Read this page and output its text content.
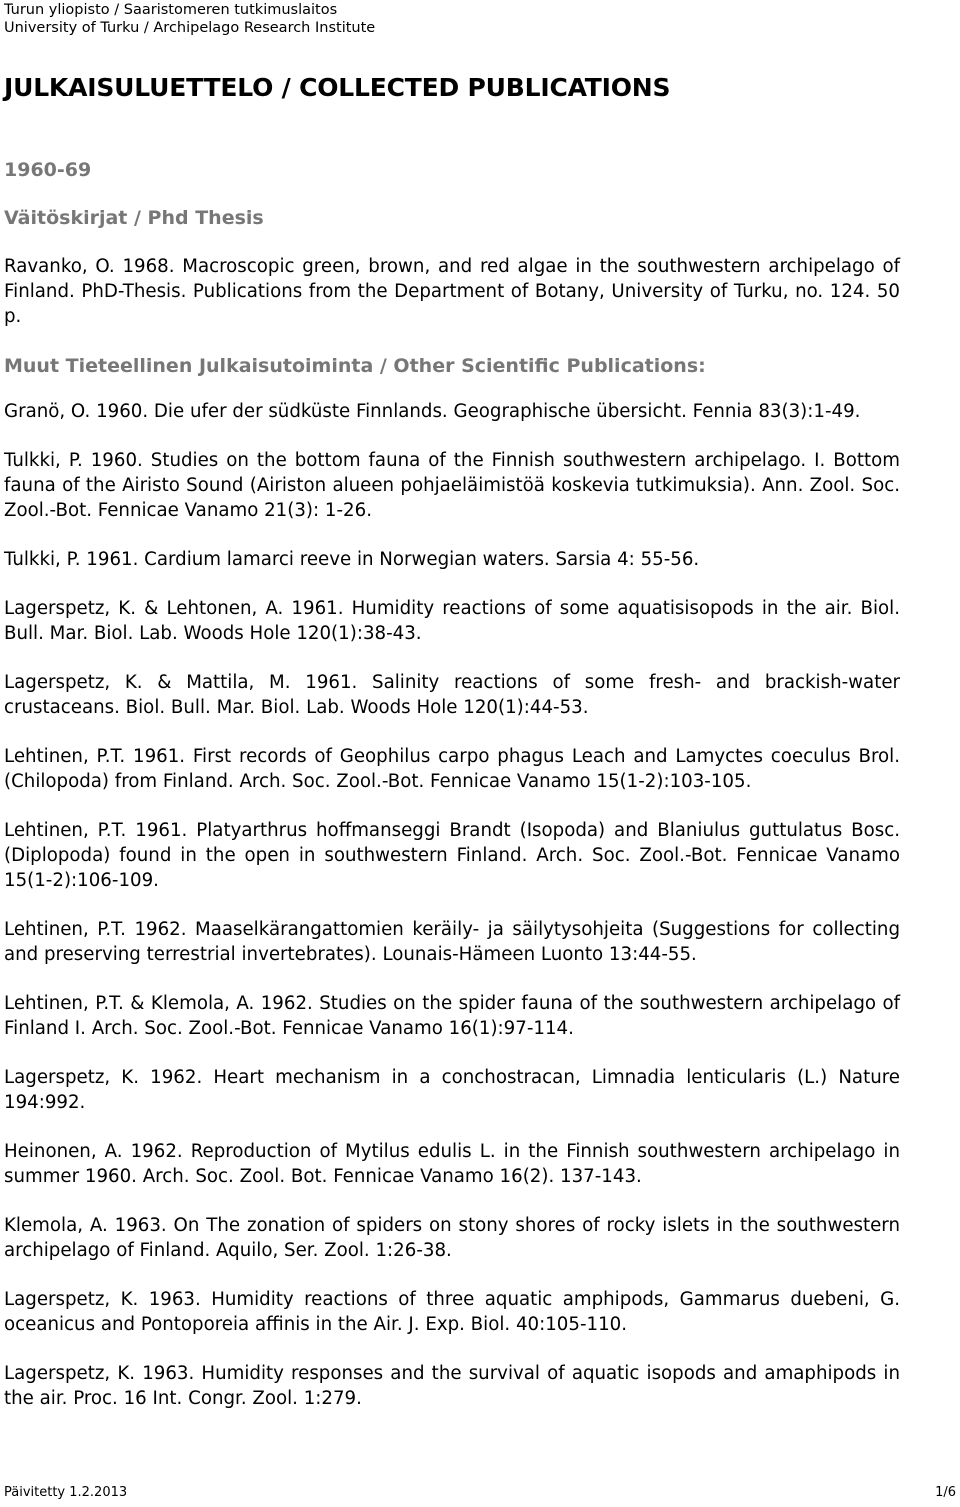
Turun yliopisto / Saaristomeren tutkimuslaitos
University of Turku / Archipelago Research Institute
JULKAISULUETTELO / COLLECTED PUBLICATIONS
1960-69
Väitöskirjat / Phd Thesis

Ravanko, O. 1968. Macroscopic green, brown, and red algae in the southwestern archipelago of Finland. PhD-Thesis. Publications from the Department of Botany, University of Turku, no. 124. 50 p.

Muut Tieteellinen Julkaisutoiminta / Other Scientific Publications:

Granö, O. 1960. Die ufer der südküste Finnlands. Geographische übersicht. Fennia 83(3):1-49.

Tulkki, P. 1960. Studies on the bottom fauna of the Finnish southwestern archipelago. I. Bottom fauna of the Airisto Sound (Airiston alueen pohjaeläimistöä koskevia tutkimuksia). Ann. Zool. Soc. Zool.-Bot. Fennicae Vanamo 21(3): 1-26.

Tulkki, P. 1961. Cardium lamarci reeve in Norwegian waters. Sarsia 4: 55-56.

Lagerspetz, K. & Lehtonen, A. 1961. Humidity reactions of some aquatisisopods in the air. Biol. Bull. Mar. Biol. Lab. Woods Hole 120(1):38-43.

Lagerspetz, K. & Mattila, M. 1961. Salinity reactions of some fresh- and brackish-water crustaceans. Biol. Bull. Mar. Biol. Lab. Woods Hole 120(1):44-53.

Lehtinen, P.T. 1961. First records of Geophilus carpo phagus Leach and Lamyctes coeculus Brol. (Chilopoda) from Finland. Arch. Soc. Zool.-Bot. Fennicae Vanamo 15(1-2):103-105.

Lehtinen, P.T. 1961. Platyarthrus hoffmanseggi Brandt (Isopoda) and Blaniulus guttulatus Bosc. (Diplopoda) found in the open in southwestern Finland. Arch. Soc. Zool.-Bot. Fennicae Vanamo 15(1-2):106-109.

Lehtinen, P.T. 1962. Maaselkärangattomien keräily- ja säilytysohjeita (Suggestions for collecting and preserving terrestrial invertebrates). Lounais-Hämeen Luonto 13:44-55.

Lehtinen, P.T. & Klemola, A. 1962. Studies on the spider fauna of the southwestern archipelago of Finland I. Arch. Soc. Zool.-Bot. Fennicae Vanamo 16(1):97-114.

Lagerspetz, K. 1962. Heart mechanism in a conchostracan, Limnadia lenticularis (L.) Nature 194:992.

Heinonen, A. 1962. Reproduction of Mytilus edulis L. in the Finnish southwestern archipelago in summer 1960. Arch. Soc. Zool. Bot. Fennicae Vanamo 16(2). 137-143.

Klemola, A. 1963. On The zonation of spiders on stony shores of rocky islets in the southwestern archipelago of Finland. Aquilo, Ser. Zool. 1:26-38.

Lagerspetz, K. 1963. Humidity reactions of three aquatic amphipods, Gammarus duebeni, G. oceanicus and Pontoporeia affinis in the Air. J. Exp. Biol. 40:105-110.

Lagerspetz, K. 1963. Humidity responses and the survival of aquatic isopods and amaphipods in the air. Proc. 16 Int. Congr. Zool. 1:279.

Päivitetty 1.2.2013	1/6
